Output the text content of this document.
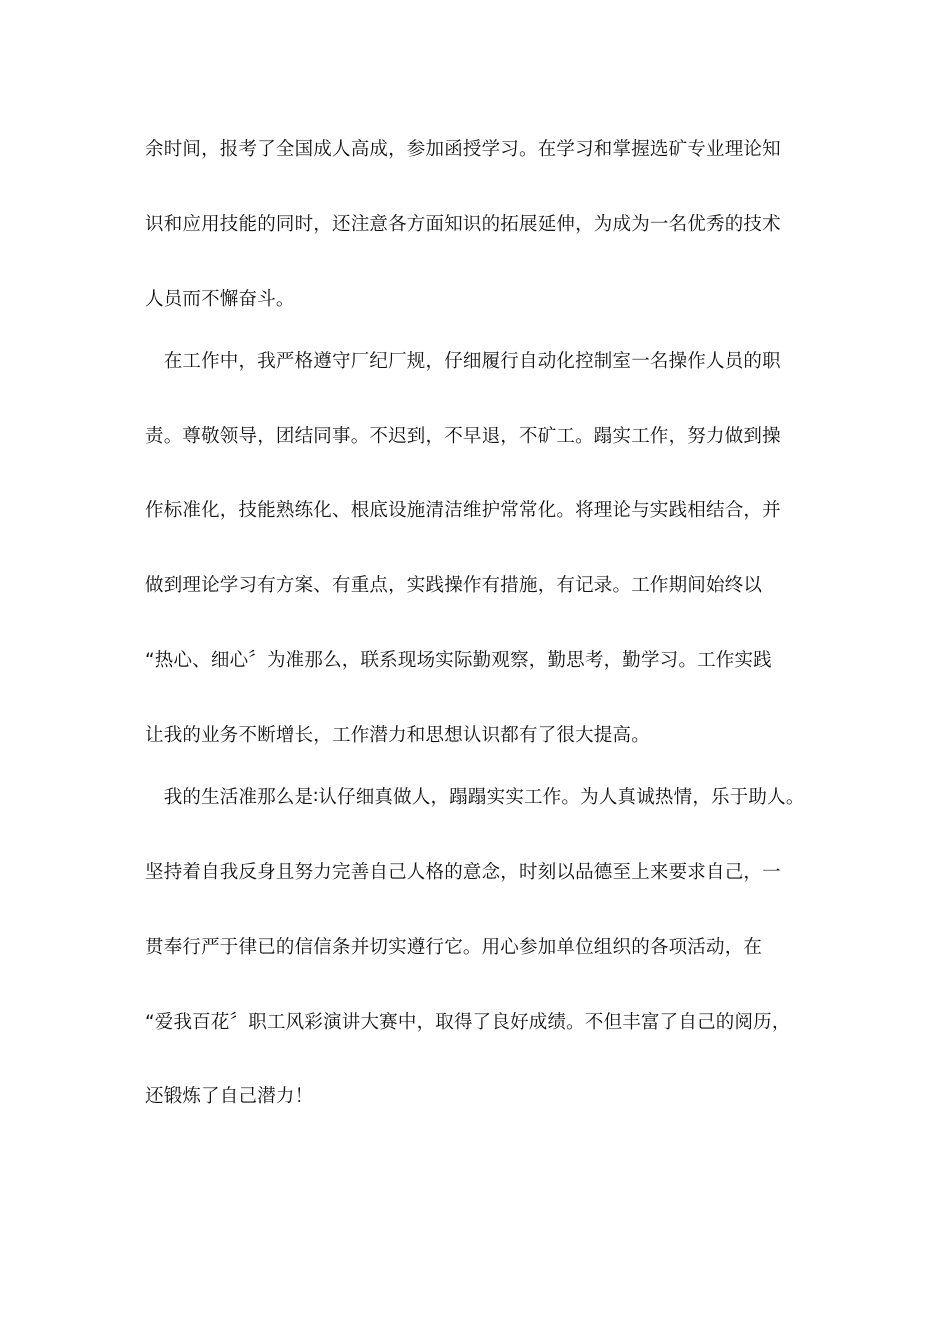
余时间，报考了全国成人高成，参加函授学习。在学习和掌握选矿专业理论知
识和应用技能的同时，还注意各方面知识的拓展延伸，为成为一名优秀的技术
人员而不懈奋斗。
　在工作中，我严格遵守厂纪厂规，仔细履行自动化控制室一名操作人员的职
责。尊敬领导，团结同事。不迟到，不早退，不矿工。蹋实工作，努力做到操
作标准化，技能熟练化、根底设施清洁维护常常化。将理论与实践相结合，并
做到理论学习有方案、有重点，实践操作有措施，有记录。工作期间始终以
“热心、细心〞为准那么，联系现场实际勤观察，勤思考，勤学习。工作实践
让我的业务不断增长，工作潜力和思想认识都有了很大提高。
　我的生活准那么是∶认仔细真做人，蹋蹋实实工作。为人真诚热情，乐于助人。
坚持着自我反身且努力完善自己人格的意念，时刻以品德至上来要求自己，一
贯奉行严于律已的信信条并切实遵行它。用心参加单位组织的各项活动，在
“爱我百花〞职工风彩演讲大赛中，取得了良好成绩。不但丰富了自己的阅历，
还锻炼了自己潜力！
